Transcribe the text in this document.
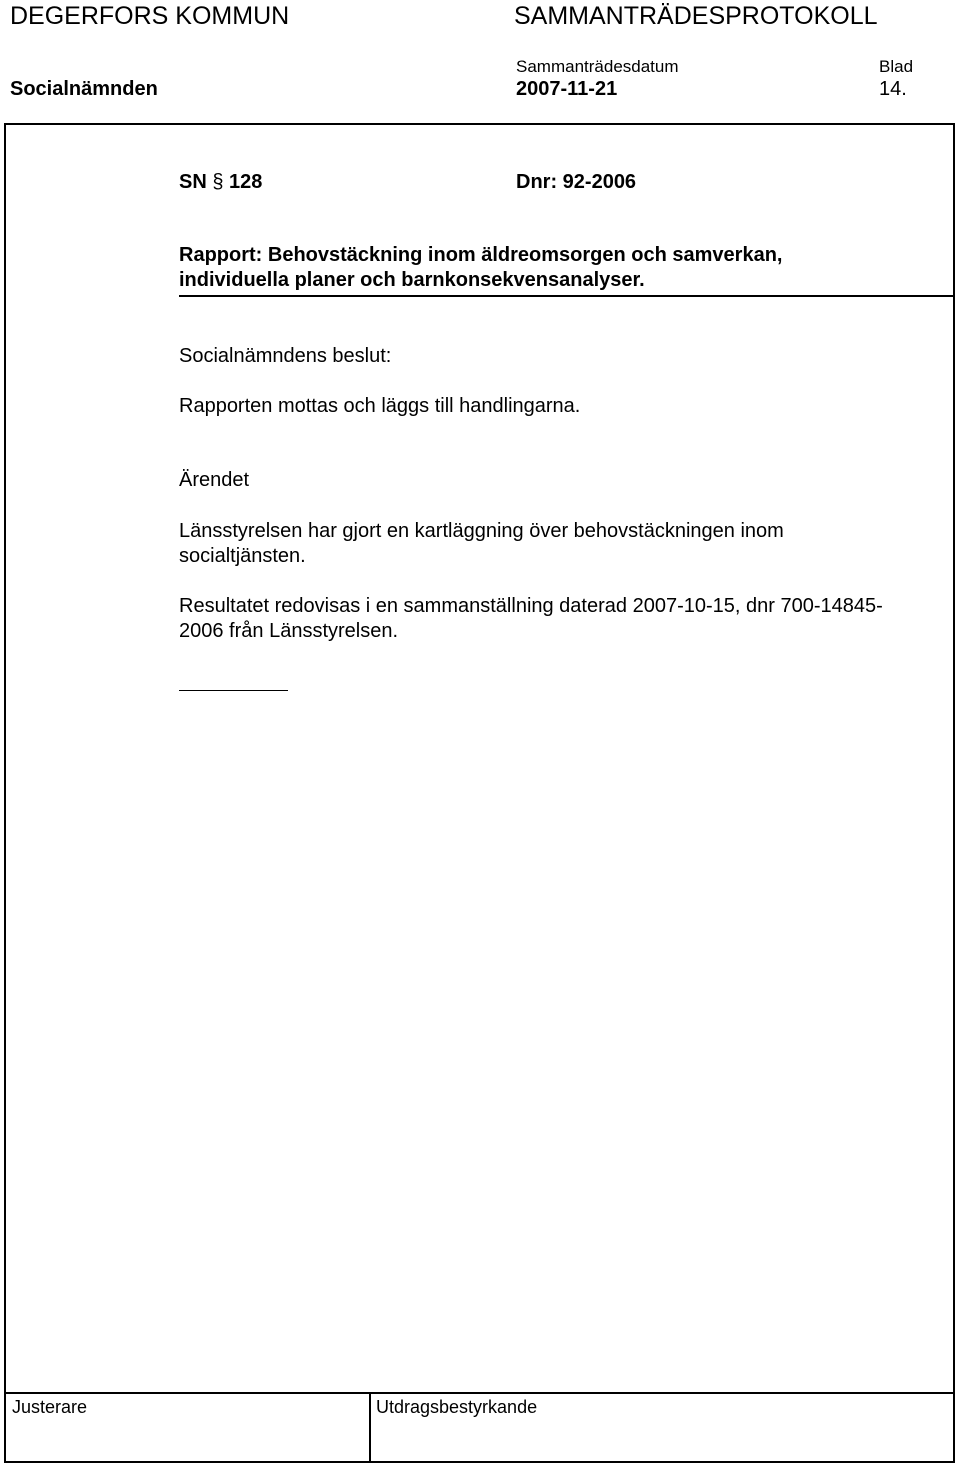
DEGERFORS KOMMUN	SAMMANTRÄDESPROTOKOLL
Sammanträdesdatum	Blad
Socialnämnden	2007-11-21	14.
SN § 128	Dnr: 92-2006
Rapport: Behovstäckning inom äldreomsorgen och samverkan,
individuella planer och barnkonsekvensanalyser.
Socialnämndens beslut:
Rapporten mottas och läggs till handlingarna.
Ärendet
Länsstyrelsen har gjort en kartläggning över behovstäckningen inom
socialtjänsten.
Resultatet redovisas i en sammanställning daterad 2007-10-15, dnr 700-14845-
2006 från Länsstyrelsen.
Justerare	Utdragsbestyrkande
